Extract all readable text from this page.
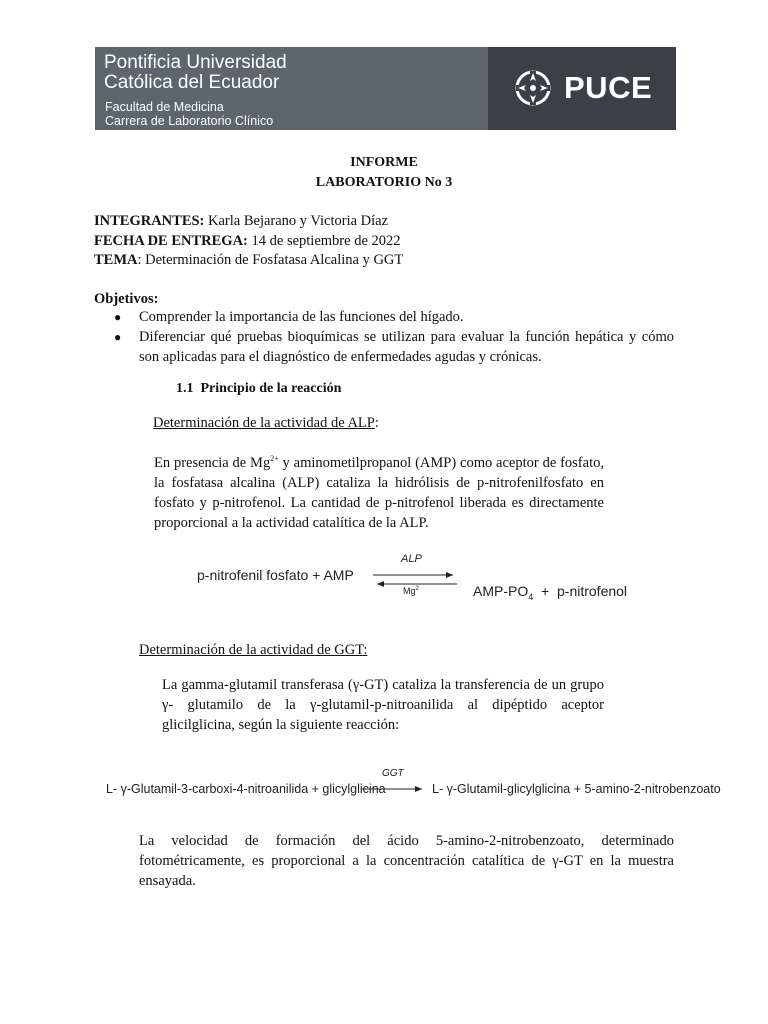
Pontificia Universidad
Católica del Ecuador
Facultad de Medicina
Carrera de Laboratorio Clínico
PUCE
INFORME
LABORATORIO No 3
INTEGRANTES: Karla Bejarano y Victoria Díaz
FECHA DE ENTREGA: 14 de septiembre de 2022
TEMA: Determinación de Fosfatasa Alcalina y GGT
Objetivos:
● Comprender la importancia de las funciones del hígado.
● Diferenciar qué pruebas bioquímicas se utilizan para evaluar la función hepática y cómo son aplicadas para el diagnóstico de enfermedades agudas y crónicas.
1.1 Principio de la reacción
Determinación de la actividad de ALP:
En presencia de $Mg^{2+}$ y aminometilpropanol (AMP) como aceptor de fosfato, la fosfatasa alcalina (ALP) cataliza la hidrólisis de p-nitrofenilfosfato en fosfato y p-nitrofenol. La cantidad de p-nitrofenol liberada es directamente proporcional a la actividad catalítica de la ALP.
p-nitrofenil fosfato + AMP
ALP
Mg$^2$	AMP-$PO_4$  +  p-nitrofenol

Determinación de la actividad de GGT:
La gamma-glutamil transferasa (γ-GT) cataliza la transferencia de un grupo γ- glutamilo de la γ-glutamil-p-nitroanilida al dipéptido aceptor glicilglicina, según la siguiente reacción:
L- γ-Glutamil-3-carboxi-4-nitroanilida + glicylglicina
GGT
L- γ-Glutamil-glicylglicina + 5-amino-2-nitrobenzoato
La velocidad de formación del ácido 5-amino-2-nitrobenzoato, determinado fotométricamente, es proporcional a la concentración catalítica de γ-GT en la muestra ensayada.
